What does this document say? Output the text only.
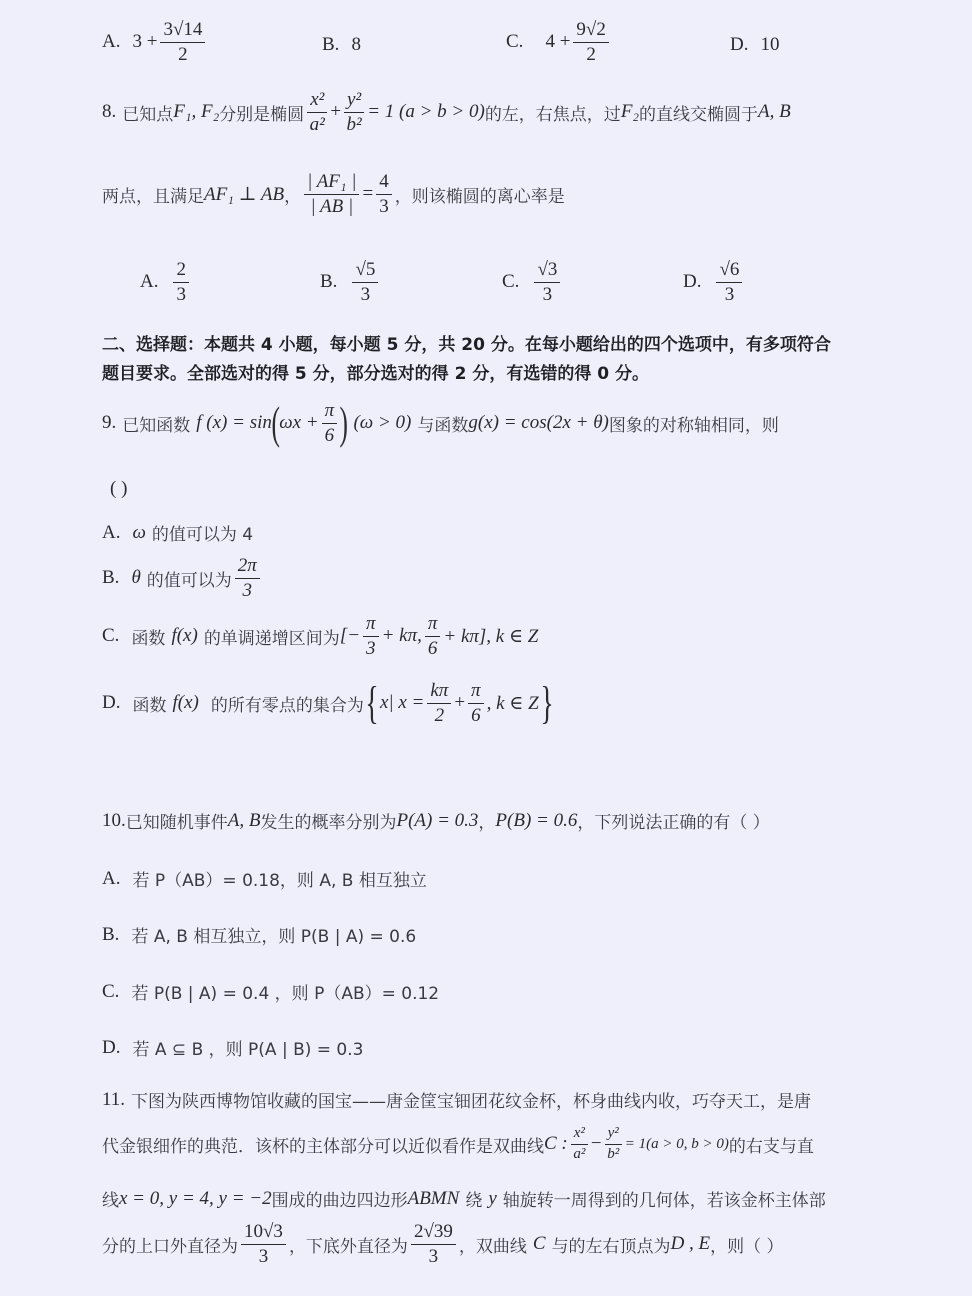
A. $3 + \frac{3√14}{2}$	B. 8	C. $4 + \frac{9√2}{2}$	D. 10
8. 已知点 F₁, F₂ 分别是椭圆 $\frac{\text{x²}}{\text{a²}} + \frac{\text{y²}}{\text{b²}} = 1$ (a > b > 0) 的左，右焦点，过 F₂ 的直线交椭圆于 A, B
两点，且满足 AF₁ ⊥ AB ， $\frac{\text{| AF₁ |}}{| AB |} = \frac{4}{3}$ ，则该椭圆的离心率是
A. $\frac{2}{3}$	B. $\frac{√5}{3}$	C. $\frac{√3}{3}$	D. $\frac{√6}{3}$
二、选择题：本题共 4 小题，每小题 5 分，共 20 分。在每小题给出的四个选项中，有多项符合
题目要求。全部选对的得 5 分，部分选对的得 2 分，有选错的得 0 分。
9. 已知函数 f (x) = sin ( $\omega x + \frac{\pi}{6}$ ) (ω > 0) 与函数 g(x) = cos(2x + θ) 图象的对称轴相同，则
( )
A. ω 的值可以为 4
B. θ 的值可以为 $\frac{2\pi}{3}$
C. 函数 f(x) 的单调递增区间为 [− $\frac{\pi}{3} + k\pi$, $\frac{\pi}{6} + k\pi$], k ∈ Z
D. 函数 f(x) 的所有零点的集合为 { x| $x = \frac{k\pi}{2} + \frac{\pi}{6}$ , k ∈ Z }
10. 已知随机事件 A, B 发生的概率分别为 P(A) = 0.3 ， P(B) = 0.6 ，下列说法正确的有（ ）
A. 若 P（AB）= 0.18，则 A, B 相互独立
B. 若 A, B 相互独立，则 P(B | A) = 0.6
C. 若 P(B | A) = 0.4 ，则 P（AB）= 0.12
D. 若 A ⊆ B ，则 P(A | B) = 0.3
11. 下图为陕西博物馆收藏的国宝——唐金筐宝钿团花纹金杯，杯身曲线内收，巧夺天工，是唐
代金银细作的典范．该杯的主体部分可以近似看作是双曲线 C : $\frac{\text{x²}}{\text{a²}} - \frac{\text{y²}}{\text{b²}} = 1(a > 0$, b > 0) 的右支与直
线 x = 0, y = 4, y = −2 围成的曲边四边形 ABMN 绕 y 轴旋转一周得到的几何体，若该金杯主体部
分的上口外直径为 $\frac{10√3}{3}$ ，下底外直径为 $\frac{2√39}{3}$ ，双曲线 C 与的左右顶点为 D , E ，则（ ）
